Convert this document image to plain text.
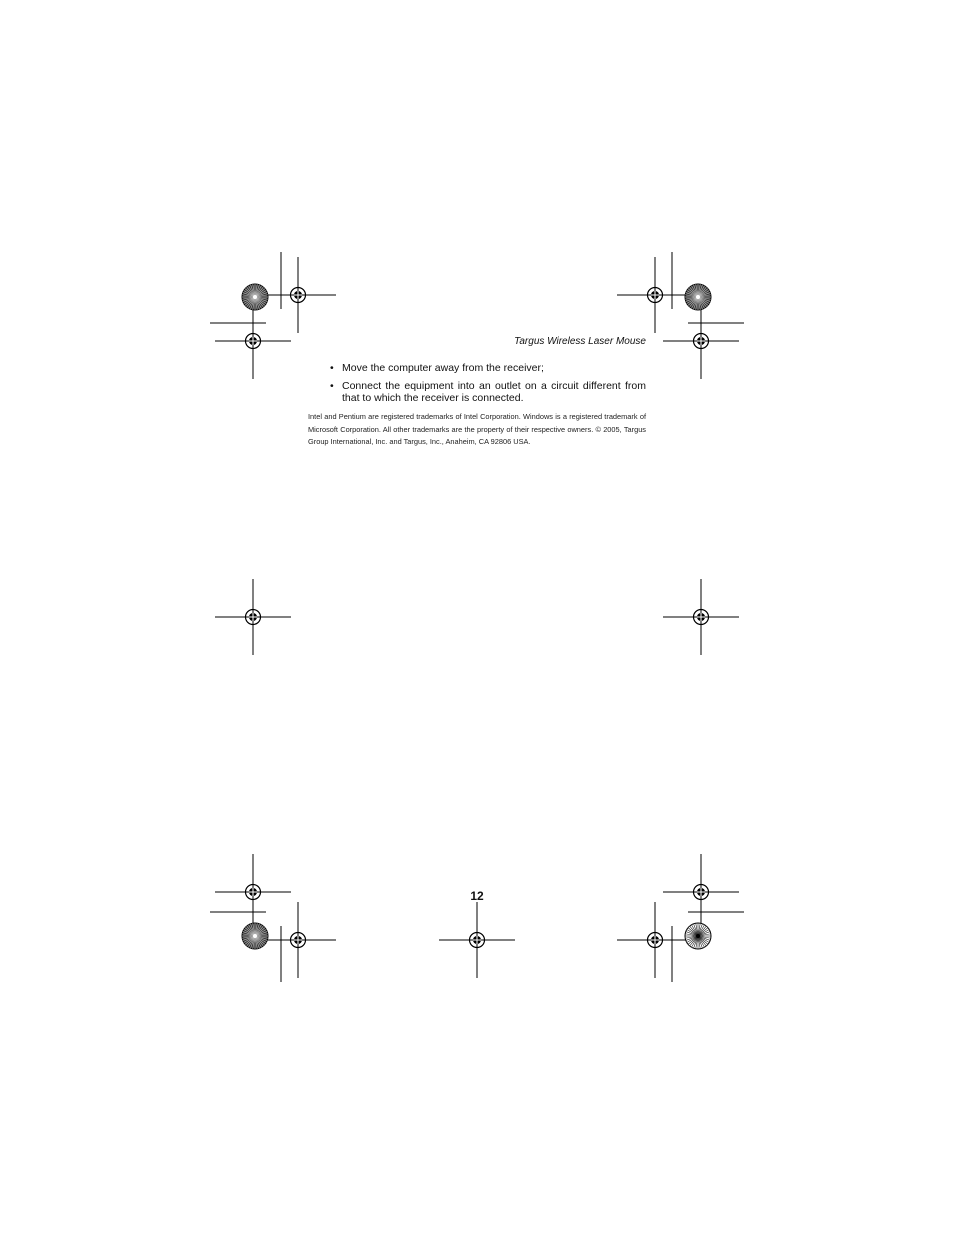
Targus Wireless Laser Mouse
• Move the computer away from the receiver;
• Connect the equipment into an outlet on a circuit different from that to which the receiver is connected.

Intel and Pentium are registered trademarks of Intel Corporation. Windows is a registered trademark of Microsoft Corporation. All other trademarks are the property of their respective owners. © 2005, Targus Group International, Inc. and Targus, Inc., Anaheim, CA 92806 USA.

12
